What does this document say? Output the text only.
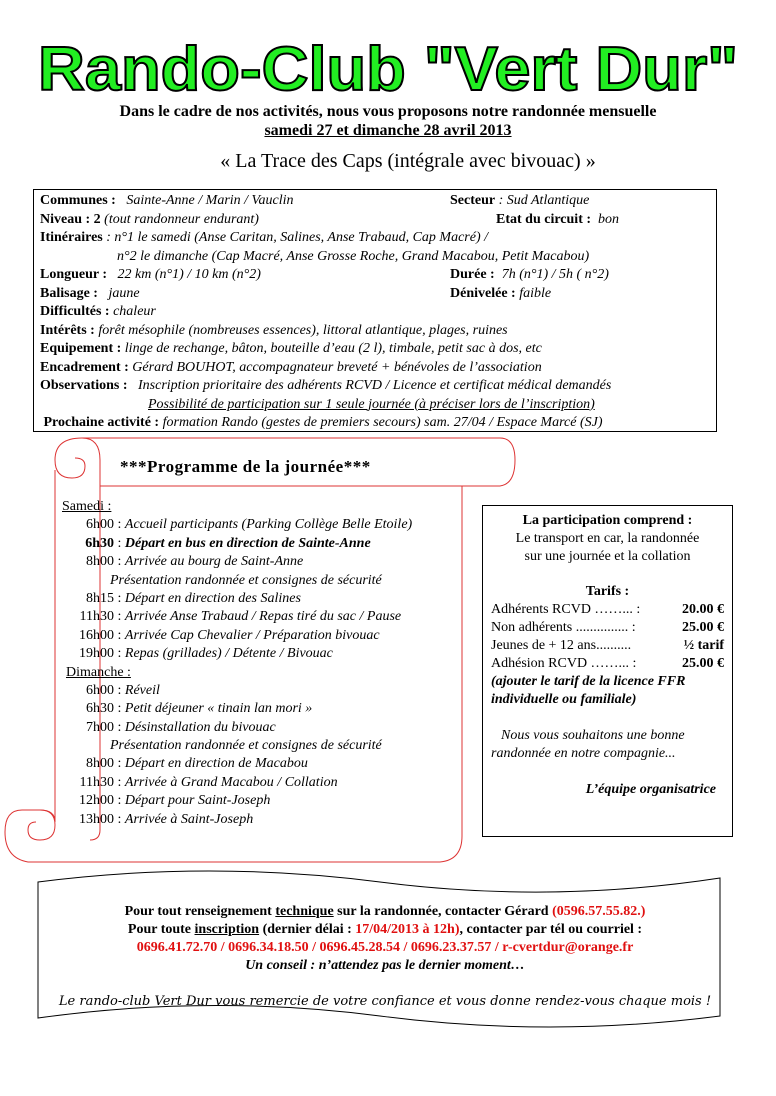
Rando-Club "Vert Dur"
Dans le cadre de nos activités, nous vous proposons notre randonnée mensuelle
samedi 27 et dimanche 28 avril 2013
« La Trace des Caps (intégrale avec bivouac) »
Communes : Sainte-Anne / Marin / Vauclin	Secteur : Sud Atlantique
Niveau : 2 (tout randonneur endurant)	Etat du circuit : bon
Itinéraires : n°1 le samedi (Anse Caritan, Salines, Anse Trabaud, Cap Macré) /
n°2 le dimanche (Cap Macré, Anse Grosse Roche, Grand Macabou, Petit Macabou)
Longueur : 22 km (n°1) / 10 km (n°2)	Durée : 7h (n°1) / 5h ( n°2)
Balisage : jaune	Dénivelée : faible
Difficultés : chaleur
Intérêts : forêt mésophile (nombreuses essences), littoral atlantique, plages, ruines
Equipement : linge de rechange, bâton, bouteille d’eau (2 l), timbale, petit sac à dos, etc
Encadrement : Gérard BOUHOT, accompagnateur breveté + bénévoles de l’association
Observations : Inscription prioritaire des adhérents RCVD / Licence et certificat médical demandés
Possibilité de participation sur 1 seule journée (à préciser lors de l’inscription)
Prochaine activité : formation Rando (gestes de premiers secours) sam. 27/04 / Espace Marcé (SJ)
***Programme de la journée***
Samedi :
6h00 : Accueil participants (Parking Collège Belle Etoile)
6h30 : Départ en bus en direction de Sainte-Anne
8h00 : Arrivée au bourg de Saint-Anne
Présentation randonnée et consignes de sécurité
8h15 : Départ en direction des Salines
11h30 : Arrivée Anse Trabaud / Repas tiré du sac / Pause
16h00 : Arrivée Cap Chevalier / Préparation bivouac
19h00 : Repas (grillades) / Détente / Bivouac
Dimanche :
6h00 : Réveil
6h30 : Petit déjeuner « tinain lan mori »
7h00 : Désinstallation du bivouac
Présentation randonnée et consignes de sécurité
8h00 : Départ en direction de Macabou
11h30 : Arrivée à Grand Macabou / Collation
12h00 : Départ pour Saint-Joseph
13h00 : Arrivée à Saint-Joseph
La participation comprend :
Le transport en car, la randonnée
sur une journée et la collation
Tarifs :
Adhérents RCVD ……... :	20.00 €
Non adhérents ............... :	25.00 €
Jeunes de + 12 ans..........	½ tarif
Adhésion RCVD ……... :	25.00 €
(ajouter le tarif de la licence FFR
individuelle ou familiale)
Nous vous souhaitons une bonne
randonnée en notre compagnie...
L’équipe organisatrice
Pour tout renseignement technique sur la randonnée, contacter Gérard (0596.57.55.82.)
Pour toute inscription (dernier délai : 17/04/2013 à 12h), contacter par tél ou courriel :
0696.41.72.70 / 0696.34.18.50 / 0696.45.28.54 / 0696.23.37.57 / r-cvertdur@orange.fr
Un conseil : n’attendez pas le dernier moment…
Le rando-club Vert Dur vous remercie de votre confiance et vous donne rendez-vous chaque mois !
